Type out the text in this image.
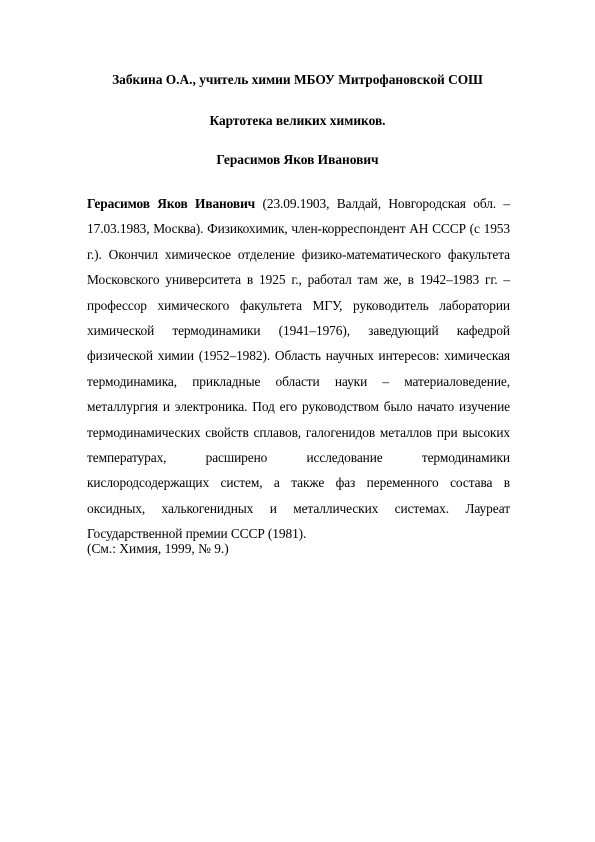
Забкина О.А., учитель химии МБОУ Митрофановской СОШ

Картотека великих химиков.

Герасимов Яков Иванович

Герасимов Яков Иванович (23.09.1903, Валдай, Новгородская обл. – 17.03.1983, Москва). Физикохимик, член-корреспондент АН СССР (с 1953 г.). Окончил химическое отделение физико-математического факультета Московского университета в 1925 г., работал там же, в 1942–1983 гг. – профессор химического факультета МГУ, руководитель лаборатории химической термодинамики (1941–1976), заведующий кафедрой физической химии (1952–1982). Область научных интересов: химическая термодинамика, прикладные области науки – материаловедение, металлургия и электроника. Под его руководством было начато изучение термодинамических свойств сплавов, галогенидов металлов при высоких температурах, расширено исследование термодинамики кислородсодержащих систем, а также фаз переменного состава в оксидных, халькогенидных и металлических системах. Лауреат Государственной премии СССР (1981).

(См.: Химия, 1999, № 9.)
